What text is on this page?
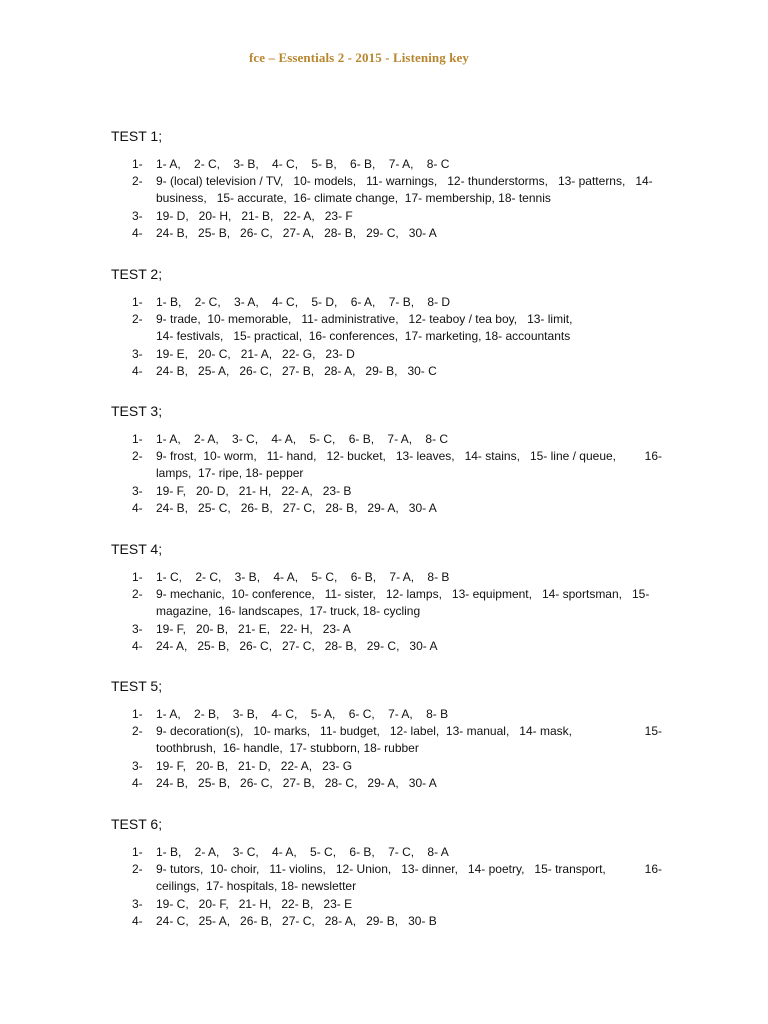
fce – Essentials 2 - 2015 - Listening key
TEST 1;
1-	1- A,    2- C,    3- B,    4- C,    5- B,    6- B,    7- A,    8- C
2-	9- (local) television / TV,   10- models,   11- warnings,   12- thunderstorms,   13- patterns,   14-
business,   15- accurate,  16- climate change,  17- membership, 18- tennis
3-	19- D,   20- H,   21- B,   22- A,   23- F
4-	24- B,   25- B,   26- C,   27- A,   28- B,   29- C,   30- A
TEST 2;
1-	1- B,    2- C,    3- A,    4- C,    5- D,    6- A,    7- B,    8- D
2-	9- trade,  10- memorable,   11- administrative,   12- teaboy / tea boy,   13- limit,
14- festivals,   15- practical,  16- conferences,  17- marketing, 18- accountants
3-	19- E,   20- C,   21- A,   22- G,   23- D
4-	24- B,   25- A,   26- C,   27- B,   28- A,   29- B,   30- C
TEST 3;
1-	1- A,    2- A,    3- C,    4- A,    5- C,    6- B,    7- A,    8- C
2-	9- frost,  10- worm,   11- hand,   12- bucket,   13- leaves,   14- stains,   15- line / queue, 16-
lamps,  17- ripe, 18- pepper
3-	19- F,   20- D,   21- H,   22- A,   23- B
4-	24- B,   25- C,   26- B,   27- C,   28- B,   29- A,   30- A
TEST 4;
1-	1- C,    2- C,    3- B,    4- A,    5- C,    6- B,    7- A,    8- B
2-	9- mechanic,  10- conference,   11- sister,   12- lamps,   13- equipment,   14- sportsman,   15-
magazine,  16- landscapes,  17- truck, 18- cycling
3-	19- F,   20- B,   21- E,   22- H,   23- A
4-	24- A,   25- B,   26- C,   27- C,   28- B,   29- C,   30- A
TEST 5;
1-	1- A,    2- B,    3- B,    4- C,    5- A,    6- C,    7- A,    8- B
2-	9- decoration(s),   10- marks,   11- budget,   12- label,  13- manual,   14- mask,	15-
toothbrush,  16- handle,  17- stubborn, 18- rubber
3-	19- F,   20- B,   21- D,   22- A,   23- G
4-	24- B,   25- B,   26- C,   27- B,   28- C,   29- A,   30- A
TEST 6;
1-	1- B,    2- A,    3- C,    4- A,    5- C,    6- B,    7- C,    8- A
2-	9- tutors,  10- choir,   11- violins,   12- Union,   13- dinner,   14- poetry,   15- transport,	16-
ceilings,  17- hospitals, 18- newsletter
3-	19- C,   20- F,   21- H,   22- B,   23- E
4-	24- C,   25- A,   26- B,   27- C,   28- A,   29- B,   30- B
